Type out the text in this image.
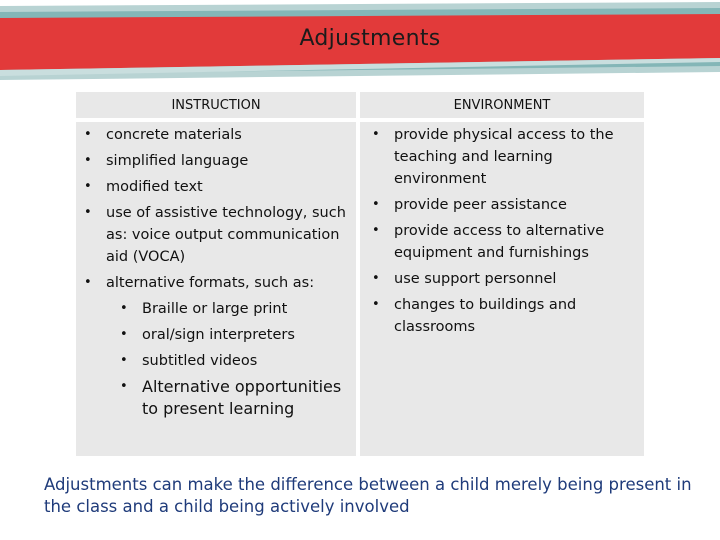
Adjustments
INSTRUCTION	ENVIRONMENT
• concrete materials
• simplified language
• modified text
• use of assistive technology, such as: voice output communication aid (VOCA)
• alternative formats, such as:
• Braille or large print
• oral/sign interpreters
• subtitled videos
• Alternative opportunities to present learning
• provide physical access to the teaching and learning environment
• provide peer assistance
• provide access to alternative equipment and furnishings
• use support personnel
• changes to buildings and classrooms
Adjustments can make the difference between a child merely being present in the class and a child being actively involved
